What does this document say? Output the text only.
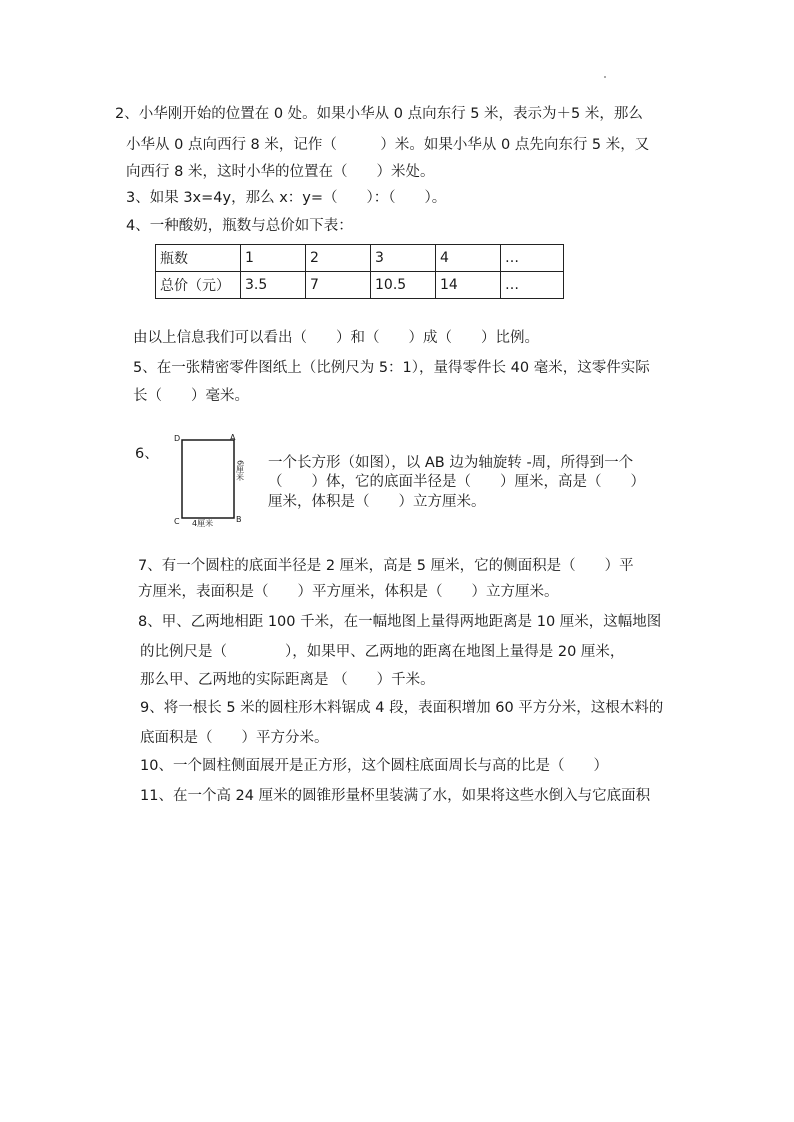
2、小华刚开始的位置在 0 处。如果小华从 0 点向东行 5 米，表示为＋5 米，那么
小华从 0 点向西行 8 米，记作（　　　）米。如果小华从 0 点先向东行 5 米，又
向西行 8 米，这时小华的位置在（　　）米处。
3、如果 3x=4y，那么 x：y=（　　）：（　　）。
4、一种酸奶，瓶数与总价如下表：
瓶数	1	2	3	4	…
总价（元）	3.5	7	10.5	14	…
由以上信息我们可以看出（　　）和（　　）成（　　）比例。
5、在一张精密零件图纸上（比例尺为 5：1），量得零件长 40 毫米，这零件实际
长（　　）毫米。
6、
D	A
B
C 4厘米
6厘米 一个长方形（如图），以 AB 边为轴旋转 -周，所得到一个
（　　）体，它的底面半径是（　　）厘米，高是（　　）
厘米，体积是（　　）立方厘米。
7、有一个圆柱的底面半径是 2 厘米，高是 5 厘米，它的侧面积是（　　）平
方厘米，表面积是（　　）平方厘米，体积是（　　）立方厘米。
8、甲、乙两地相距 100 千米，在一幅地图上量得两地距离是 10 厘米，这幅地图
的比例尺是（　　　　），如果甲、乙两地的距离在地图上量得是 20 厘米，
那么甲、乙两地的实际距离是 （　　）千米。
9、将一根长 5 米的圆柱形木料锯成 4 段，表面积增加 60 平方分米，这根木料的
底面积是（　　）平方分米。
10、一个圆柱侧面展开是正方形，这个圆柱底面周长与高的比是（　　）
11、在一个高 24 厘米的圆锥形量杯里装满了水，如果将这些水倒入与它底面积
